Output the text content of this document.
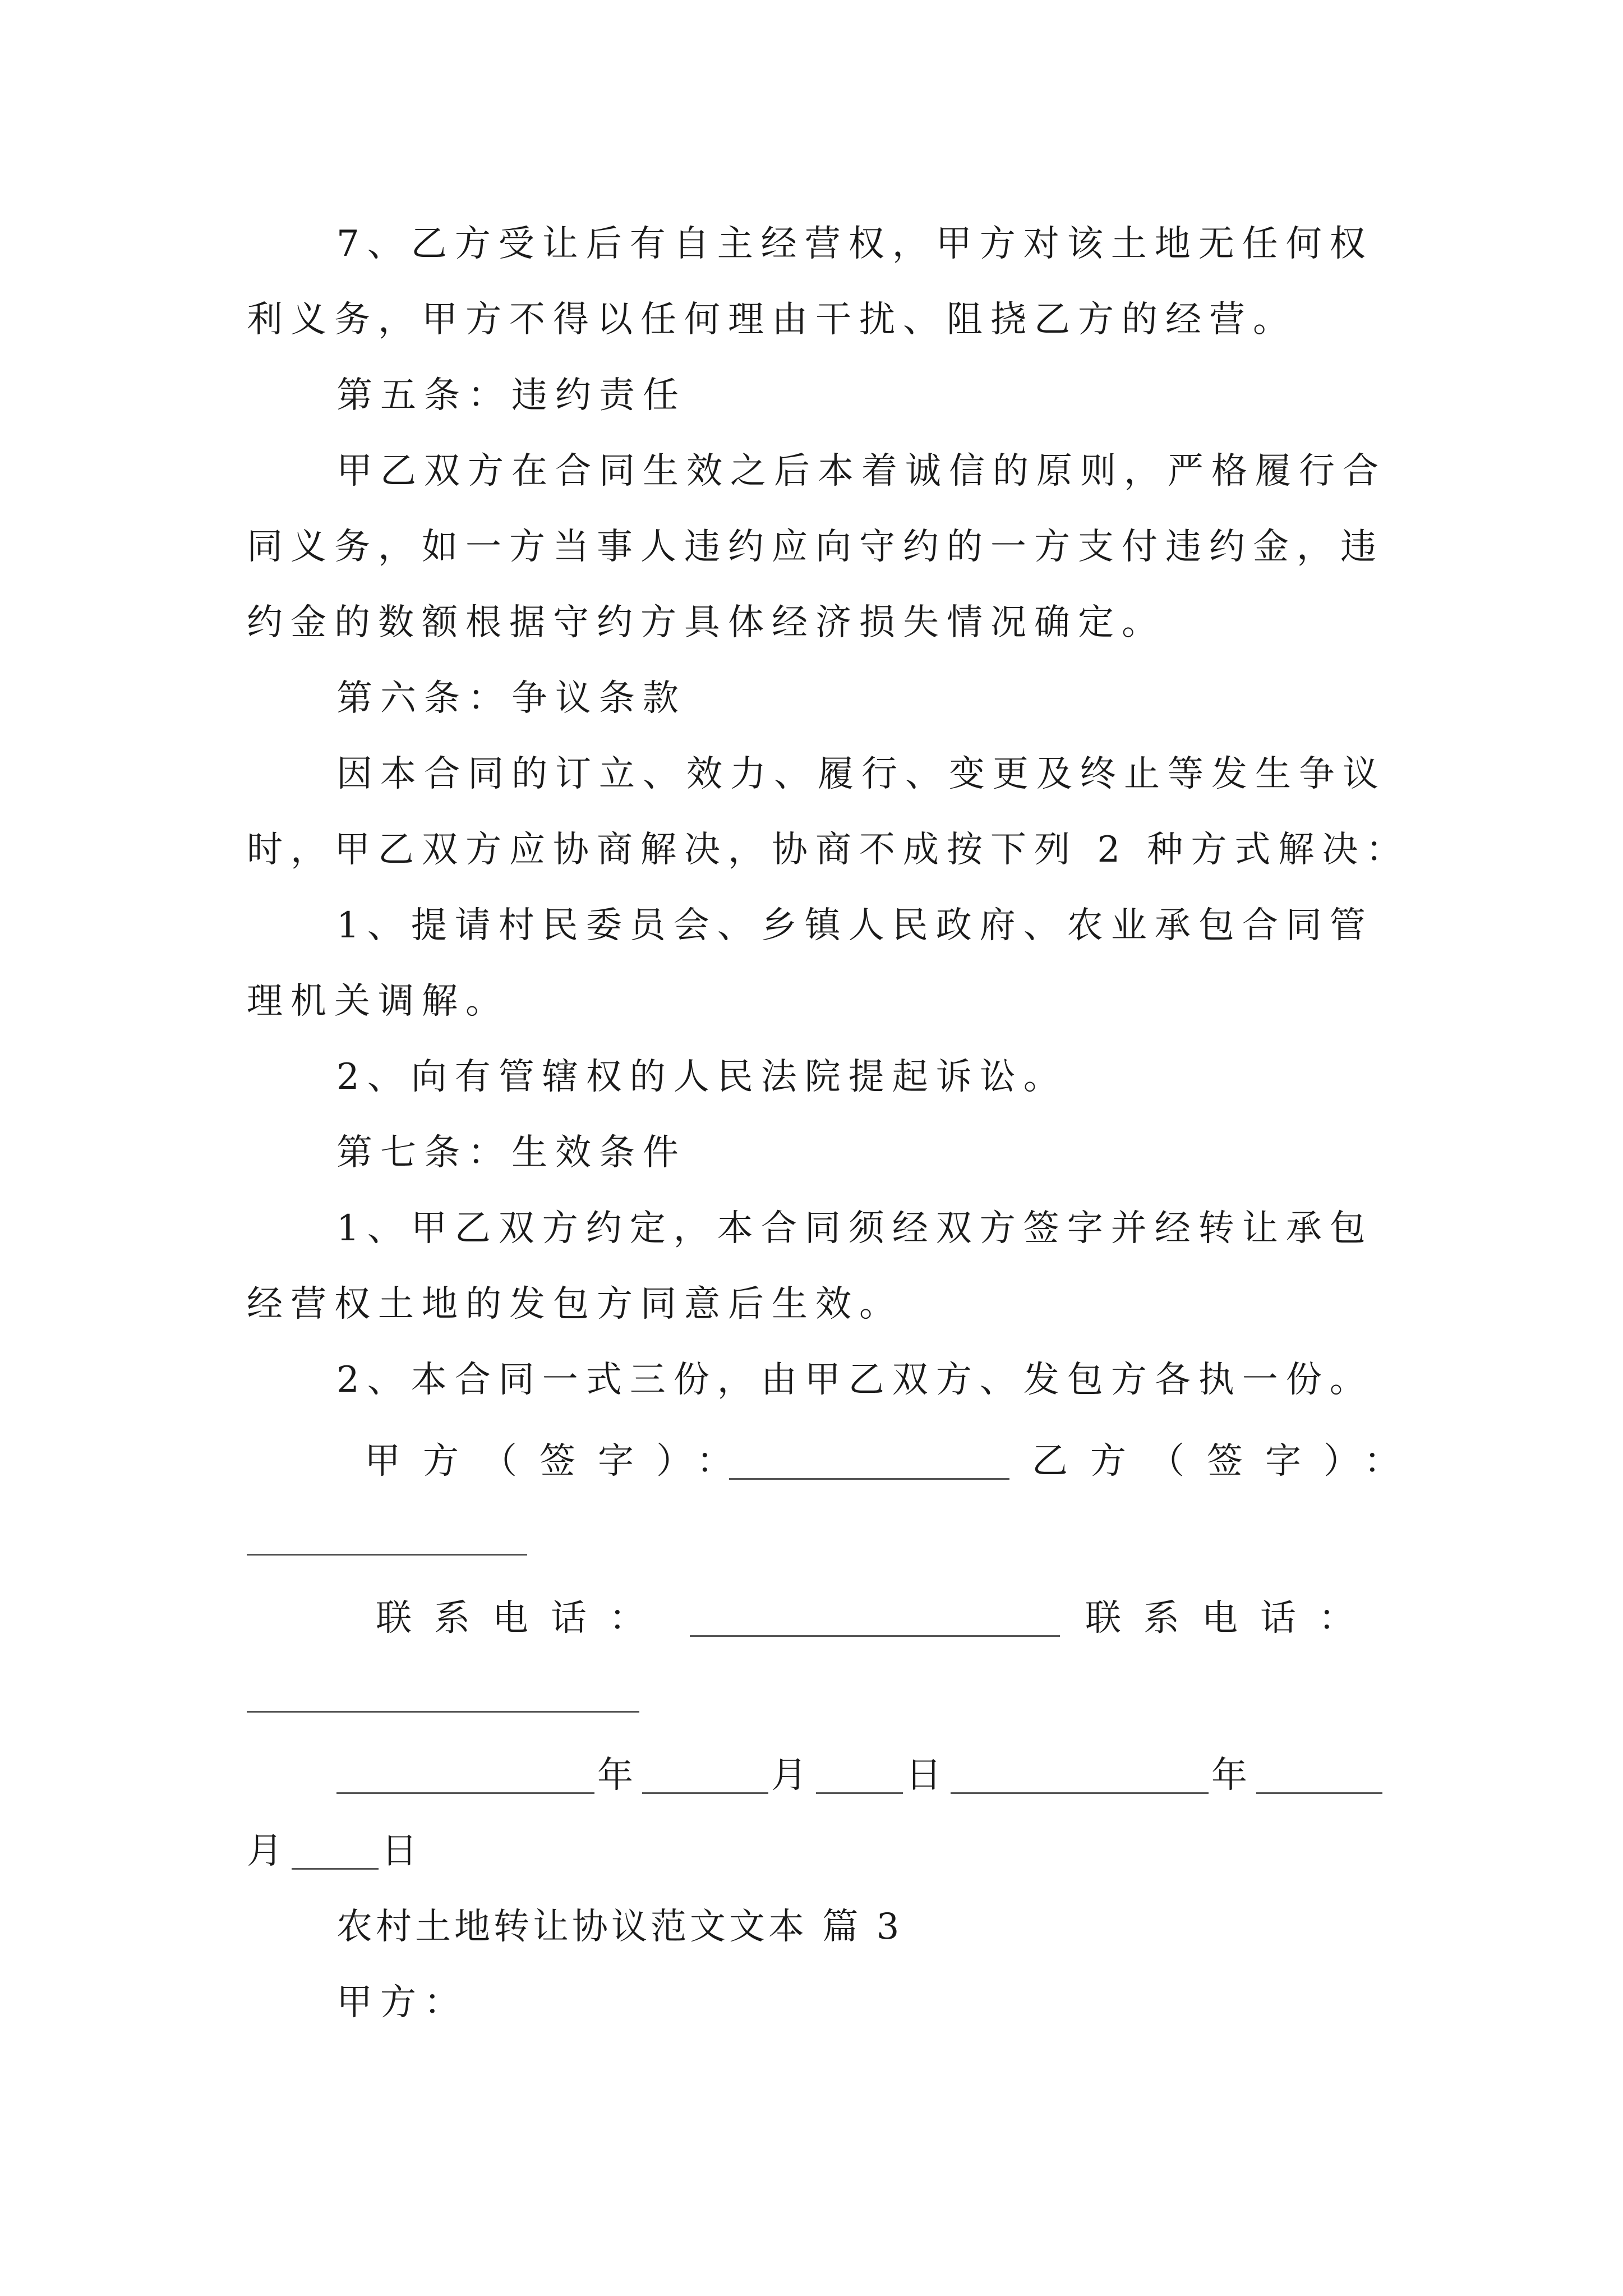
7、乙方受让后有自主经营权，甲方对该土地无任何权
利义务，甲方不得以任何理由干扰、阻挠乙方的经营。
第五条：违约责任
甲乙双方在合同生效之后本着诚信的原则，严格履行合
同义务，如一方当事人违约应向守约的一方支付违约金，违
约金的数额根据守约方具体经济损失情况确定。
第六条：争议条款
因本合同的订立、效力、履行、变更及终止等发生争议
时，甲乙双方应协商解决，协商不成按下列 2 种方式解决：
1、提请村民委员会、乡镇人民政府、农业承包合同管
理机关调解。
2、向有管辖权的人民法院提起诉讼。
第七条：生效条件
1、甲乙双方约定，本合同须经双方签字并经转让承包
经营权土地的发包方同意后生效。
2、本合同一式三份，由甲乙双方、发包方各执一份。
甲方（签字）：	乙方（签字）：
联系电话：	联系电话：
年	月	日	年
月	日
农村土地转让协议范文文本 篇 3
甲方：
